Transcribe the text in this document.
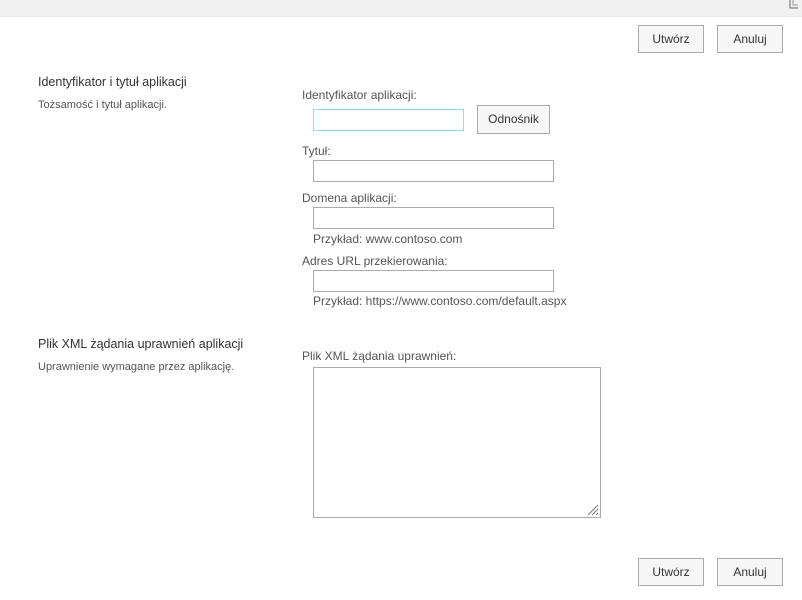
Utwórz	Anuluj
Identyfikator i tytuł aplikacji
Tożsamość i tytuł aplikacji.
Identyfikator aplikacji:
Odnośnik
Tytuł:
Domena aplikacji:
Przykład: www.contoso.com
Adres URL przekierowania:
Przykład: https://www.contoso.com/default.aspx
Plik XML żądania uprawnień aplikacji
Uprawnienie wymagane przez aplikację.
Plik XML żądania uprawnień:
Utwórz	Anuluj
